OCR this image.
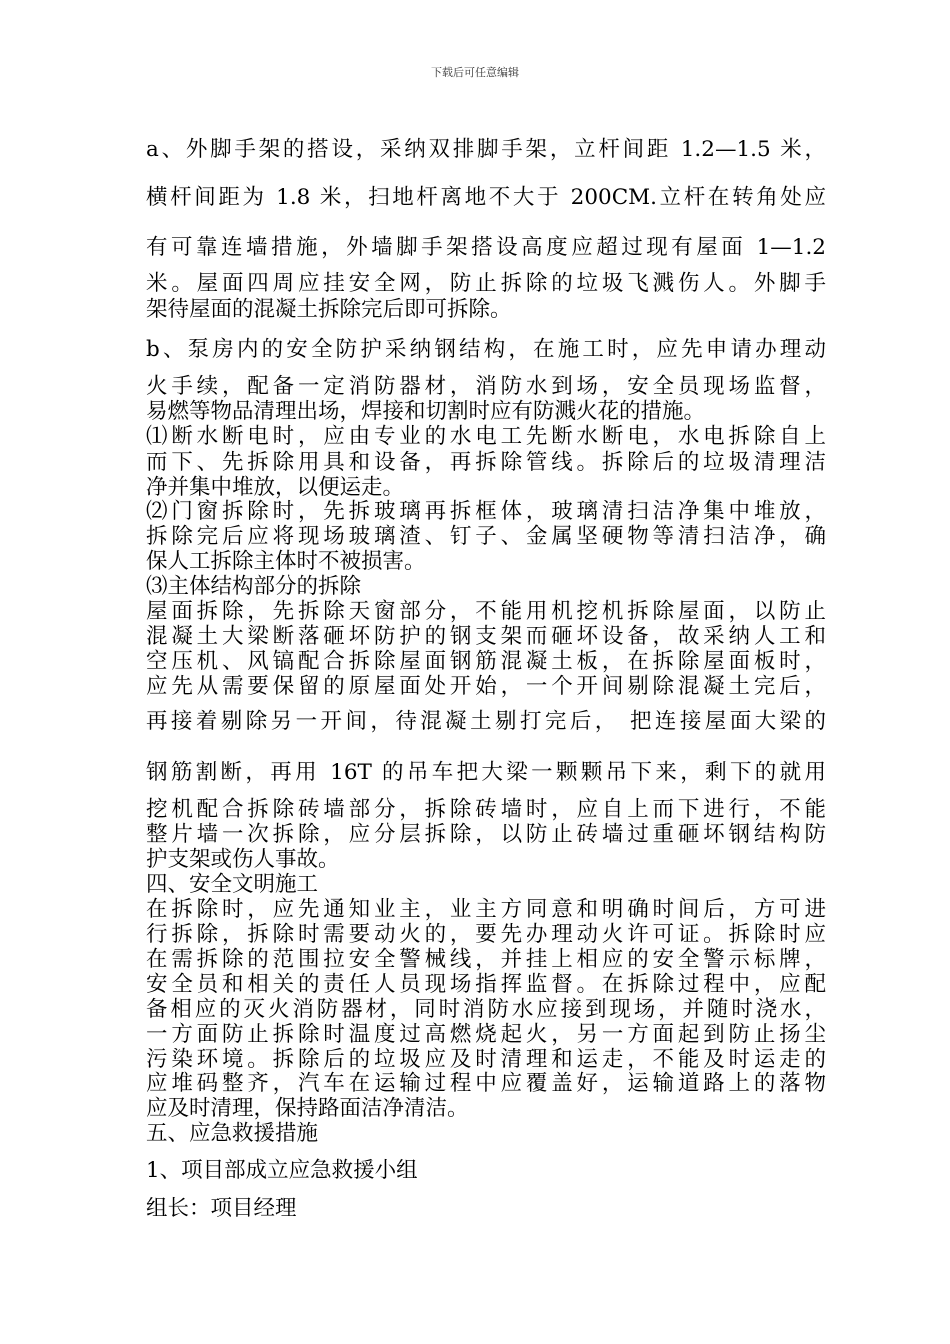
下载后可任意编辑
a、外脚手架的搭设，采纳双排脚手架，立杆间距 1.2—1.5 米，
横杆间距为 1.8 米，扫地杆离地不大于 200CM.立杆在转角处应
有可靠连墙措施，外墙脚手架搭设高度应超过现有屋面 1—1.2
米。屋面四周应挂安全网，防止拆除的垃圾飞溅伤人。外脚手
架待屋面的混凝土拆除完后即可拆除。
b、泵房内的安全防护采纳钢结构，在施工时，应先申请办理动
火手续，配备一定消防器材，消防水到场，安全员现场监督，
易燃等物品清理出场，焊接和切割时应有防溅火花的措施。
⑴断水断电时，应由专业的水电工先断水断电，水电拆除自上
而下、先拆除用具和设备，再拆除管线。拆除后的垃圾清理洁
净并集中堆放，以便运走。
⑵门窗拆除时，先拆玻璃再拆框体，玻璃清扫洁净集中堆放，
拆除完后应将现场玻璃渣、钉子、金属坚硬物等清扫洁净，确
保人工拆除主体时不被损害。
⑶主体结构部分的拆除
屋面拆除，先拆除天窗部分，不能用机挖机拆除屋面，以防止
混凝土大梁断落砸坏防护的钢支架而砸坏设备，故采纳人工和
空压机、风镐配合拆除屋面钢筋混凝土板，在拆除屋面板时，
应先从需要保留的原屋面处开始，一个开间剔除混凝土完后，
再接着剔除另一开间，待混凝土剔打完后， 把连接屋面大梁的
钢筋割断，再用 16T 的吊车把大梁一颗颗吊下来，剩下的就用
挖机配合拆除砖墙部分，拆除砖墙时，应自上而下进行，不能
整片墙一次拆除，应分层拆除，以防止砖墙过重砸坏钢结构防
护支架或伤人事故。
四、安全文明施工
在拆除时，应先通知业主，业主方同意和明确时间后，方可进
行拆除，拆除时需要动火的，要先办理动火许可证。拆除时应
在需拆除的范围拉安全警械线，并挂上相应的安全警示标牌，
安全员和相关的责任人员现场指挥监督。在拆除过程中，应配
备相应的灭火消防器材，同时消防水应接到现场，并随时浇水，
一方面防止拆除时温度过高燃烧起火，另一方面起到防止扬尘
污染环境。拆除后的垃圾应及时清理和运走，不能及时运走的
应堆码整齐，汽车在运输过程中应覆盖好，运输道路上的落物
应及时清理，保持路面洁净清洁。
五、应急救援措施
1、项目部成立应急救援小组
组长：项目经理
